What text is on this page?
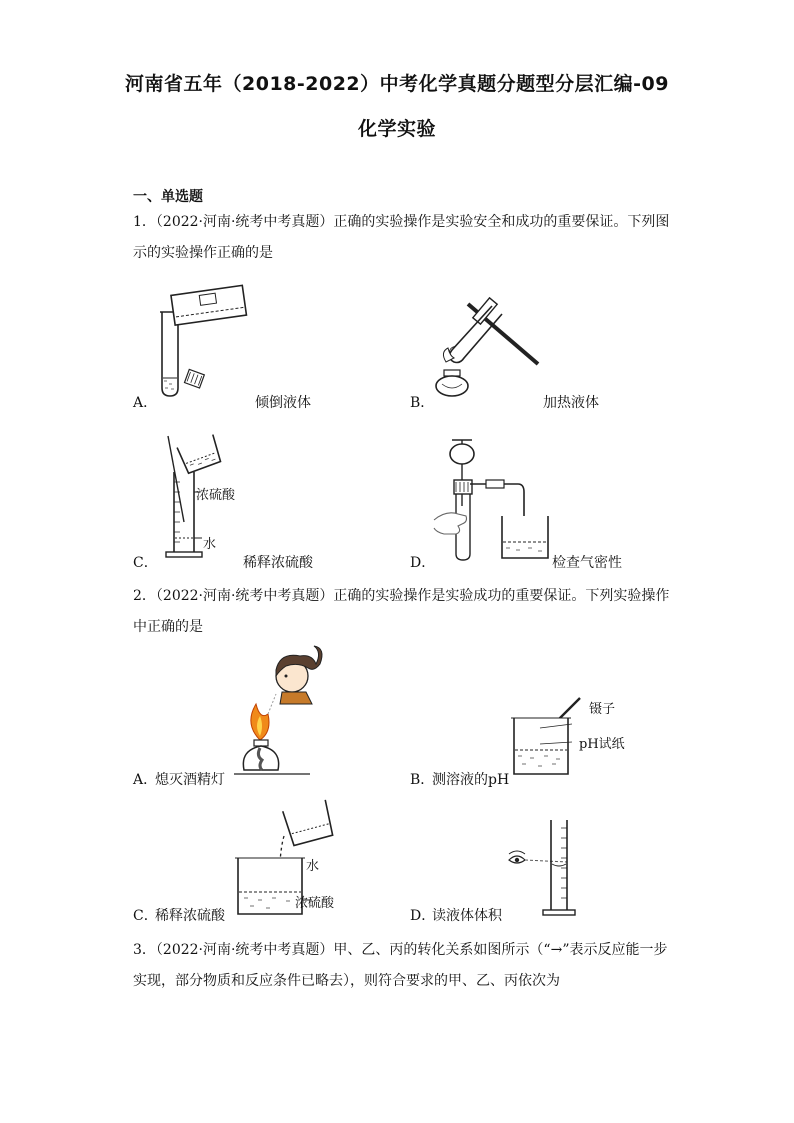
河南省五年（2018-2022）中考化学真题分题型分层汇编-09
化学实验
一、单选题
1．（2022·河南·统考中考真题）正确的实验操作是实验安全和成功的重要保证。下列图
示的实验操作正确的是
A．	倾倒液体	B．	加热液体
浓硫酸
水
C．	稀释浓硫酸	D．	检查气密性
2．（2022·河南·统考中考真题）正确的实验操作是实验成功的重要保证。下列实验操作
中正确的是
A．
熄灭酒精灯
镊子
pH试纸
B．
测溶液的pH
水
浓硫酸
C．
稀释浓硫酸	D．
读液体体积
3．（2022·河南·统考中考真题）甲、乙、丙的转化关系如图所示（“→”表示反应能一步
实现，部分物质和反应条件已略去），则符合要求的甲、乙、丙依次为
